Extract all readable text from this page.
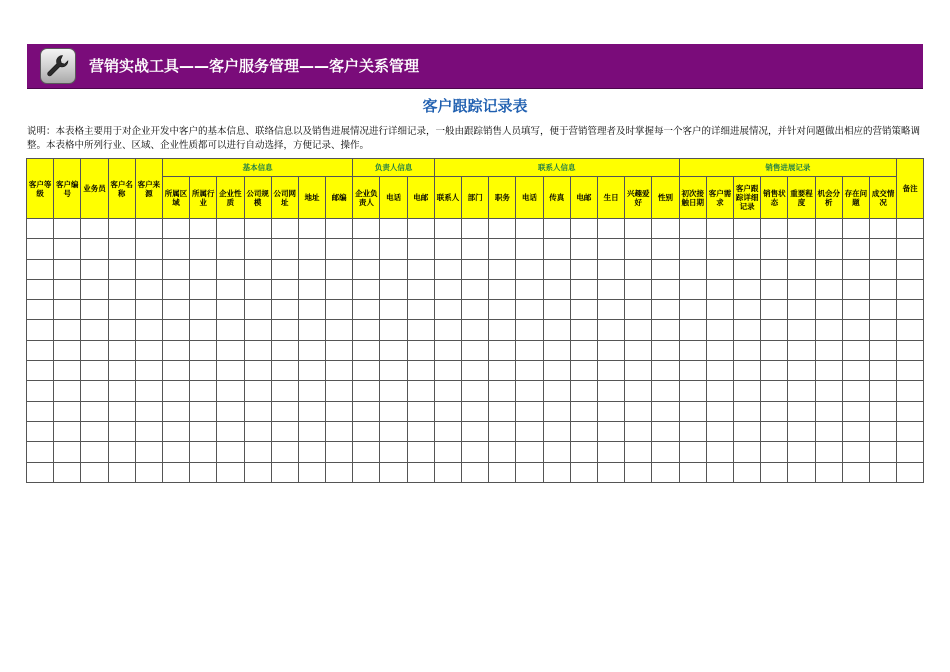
营销实战工具——客户服务管理——客户关系管理
客户跟踪记录表
说明：本表格主要用于对企业开发中客户的基本信息、联络信息以及销售进展情况进行详细记录，一般由跟踪销售人员填写，便于营销管理者及时掌握每一个客户的详细进展情况，并针对问题做出相应的营销策略调整。本表格中所列行业、区域、企业性质都可以进行自动选择，方便记录、操作。
客户等级	客户编号	业务员	客户名称	客户来源	基本信息							负责人信息			联系人信息									销售进展记录								备注
					所属区域	所属行业	企业性质	公司规模	公司网址	地址	邮编	企业负责人	电话	电邮	联系人	部门	职务	电话	传真	电邮	生日	兴趣爱好	性别	初次接触日期	客户需求	客户跟踪详细记录	销售状态	重要程度	机会分析	存在问题	成交情况	
